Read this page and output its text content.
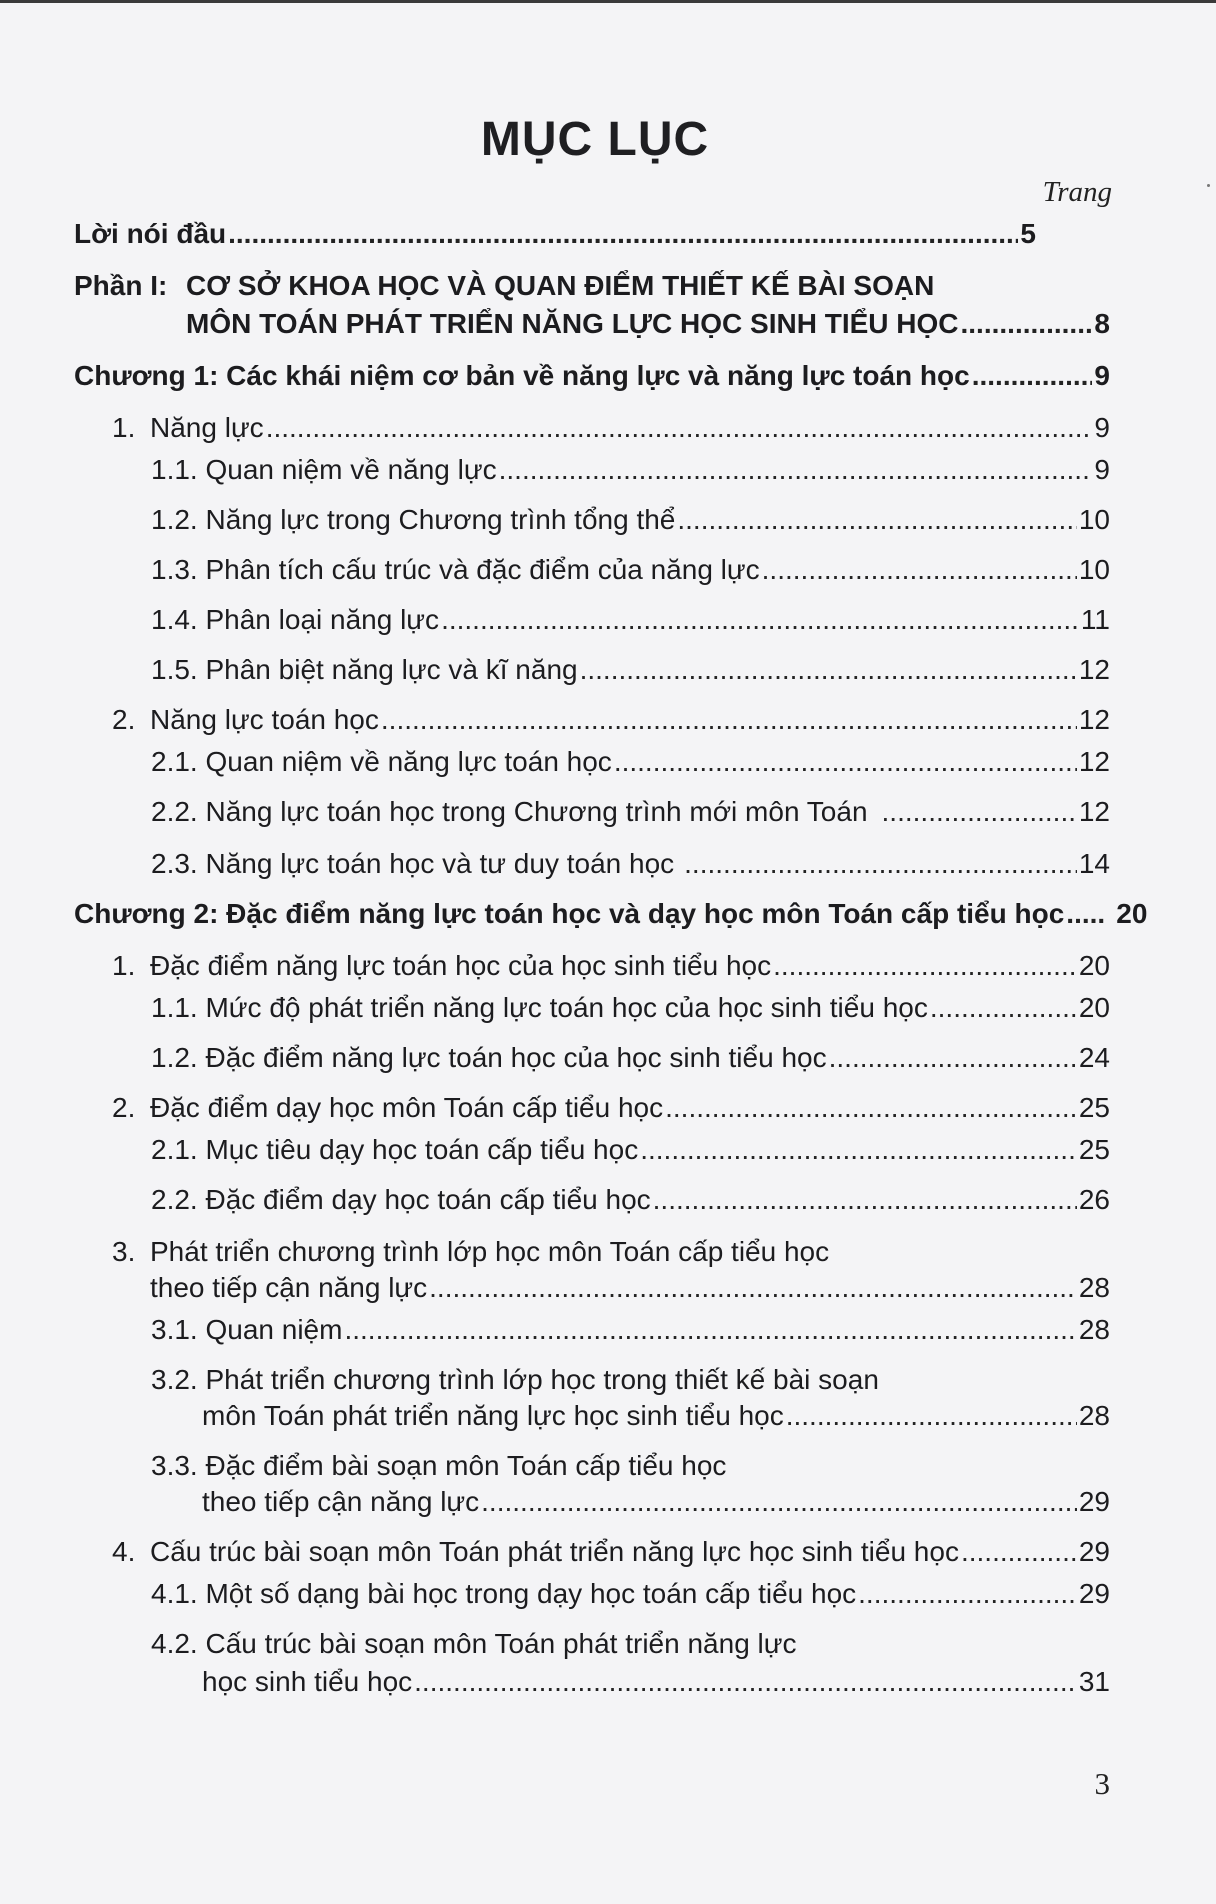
MỤC LỤC
Trang
Lời nói đầu .....	5
Phần I: CƠ SỞ KHOA HỌC VÀ QUAN ĐIỂM THIẾT KẾ BÀI SOẠN
MÔN TOÁN PHÁT TRIỂN NĂNG LỰC HỌC SINH TIỂU HỌC .....	8
Chương 1: Các khái niệm cơ bản về năng lực và năng lực toán học .....	9
1. Năng lực .....	9
1.1. Quan niệm về năng lực .....	9
1.2. Năng lực trong Chương trình tổng thể .....	10
1.3. Phân tích cấu trúc và đặc điểm của năng lực .....	10
1.4. Phân loại năng lực .....	11
1.5. Phân biệt năng lực và kĩ năng .....	12
2. Năng lực toán học .....	12
2.1. Quan niệm về năng lực toán học .....	12
2.2. Năng lực toán học trong Chương trình mới môn Toán .....	12
2.3. Năng lực toán học và tư duy toán học .....	14
Chương 2: Đặc điểm năng lực toán học và dạy học môn Toán cấp tiểu học ..... 20
1. Đặc điểm năng lực toán học của học sinh tiểu học .....	20
1.1. Mức độ phát triển năng lực toán học của học sinh tiểu học .....	20
1.2. Đặc điểm năng lực toán học của học sinh tiểu học .....	24
2. Đặc điểm dạy học môn Toán cấp tiểu học .....	25
2.1. Mục tiêu dạy học toán cấp tiểu học .....	25
2.2. Đặc điểm dạy học toán cấp tiểu học .....	26
3. Phát triển chương trình lớp học môn Toán cấp tiểu học
theo tiếp cận năng lực .....	28
3.1. Quan niệm .....	28
3.2. Phát triển chương trình lớp học trong thiết kế bài soạn
môn Toán phát triển năng lực học sinh tiểu học .....	28
3.3. Đặc điểm bài soạn môn Toán cấp tiểu học
theo tiếp cận năng lực .....	29
4. Cấu trúc bài soạn môn Toán phát triển năng lực học sinh tiểu học .....	29
4.1. Một số dạng bài học trong dạy học toán cấp tiểu học .....	29
4.2. Cấu trúc bài soạn môn Toán phát triển năng lực
học sinh tiểu học .....	31
3
